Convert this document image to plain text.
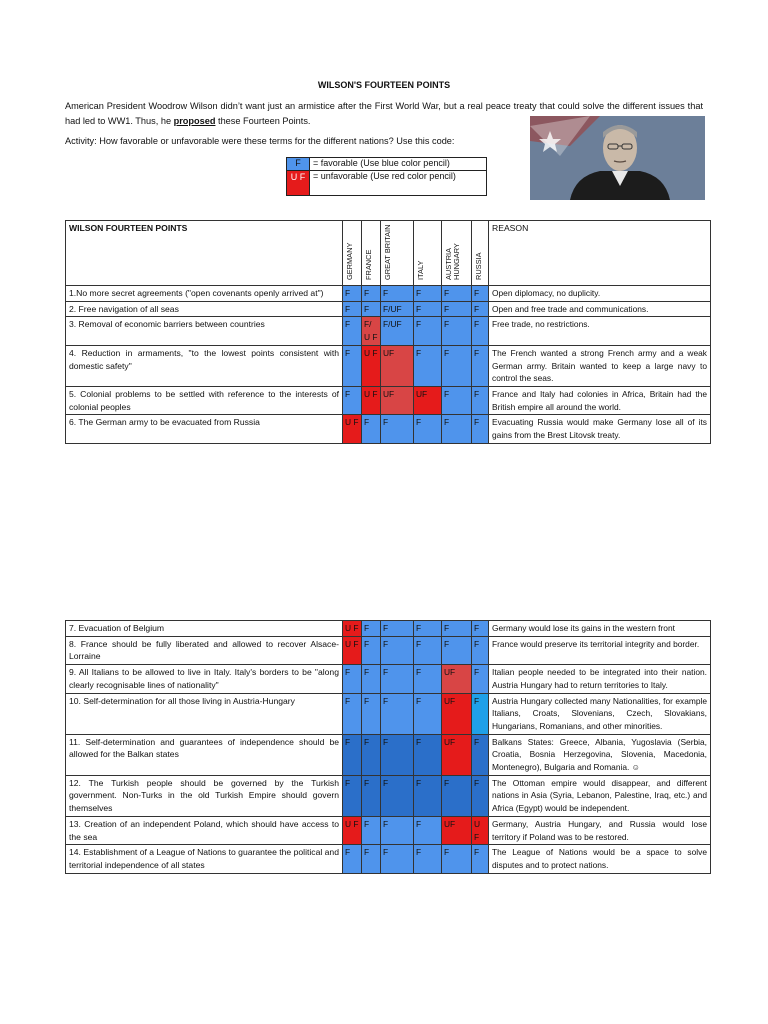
WILSON'S FOURTEEN POINTS
American President Woodrow Wilson didn’t want just an armistice after the First World War, but a real peace treaty that could solve the different issues that had led to WW1. Thus, he proposed these Fourteen Points.
Activity: How favorable or unfavorable were these terms for the different nations? Use this code:
F	= favorable (Use blue color pencil)
U F	= unfavorable (Use red color pencil)
WILSON FOURTEEN POINTS	GERMANY	FRANCE	GREAT BRITAIN	ITALY	AUSTRIA HUNGARY	RUSSIA	REASON
1.No more secret agreements ("open covenants openly arrived at")	F	F	F	F	F	F	Open diplomacy, no duplicity.
2. Free navigation of all seas	F	F	F/UF	F	F	F	Open and free trade and communications.
3. Removal of economic barriers between countries	F	F/ U F	F/UF	F	F	F	Free trade, no restrictions.
4. Reduction in armaments, "to the lowest points consistent with domestic safety"	F	U F	UF	F	F	F	The French wanted a strong French army and a weak German army. Britain wanted to keep a large navy to control the seas.
5. Colonial problems to be settled with reference to the interests of colonial peoples	F	U F	UF	UF	F	F	France and Italy had colonies in Africa, Britain had the British empire all around the world.
6. The German army to be evacuated from Russia	U F	F	F	F	F	F	Evacuating Russia would make Germany lose all of its gains from the Brest Litovsk treaty.
7. Evacuation of Belgium	U F	F	F	F	F	F	Germany would lose its gains in the western front
8. France should be fully liberated and allowed to recover Alsace-Lorraine	U F	F	F	F	F	F	France would preserve its territorial integrity and border.
9. All Italians to be allowed to live in Italy. Italy's borders to be "along clearly recognisable lines of nationality"	F	F	F	F	UF	F	Italian people needed to be integrated into their nation. Austria Hungary had to return territories to Italy.
10. Self-determination for all those living in Austria-Hungary	F	F	F	F	UF	F	Austria Hungary collected many Nationalities, for example Italians, Croats, Slovenians, Czech, Slovakians, Hungarians, Romanians, and other minorities.
11. Self-determination and guarantees of independence should be allowed for the Balkan states	F	F	F	F	UF	F	Balkans States: Greece, Albania, Yugoslavia (Serbia, Croatia, Bosnia Herzegovina, Slovenia, Macedonia, Montenegro), Bulgaria and Romania. ☺
12. The Turkish people should be governed by the Turkish government. Non-Turks in the old Turkish Empire should govern themselves	F	F	F	F	F	F	The Ottoman empire would disappear, and different nations in Asia (Syria, Lebanon, Palestine, Iraq, etc.) and Africa (Egypt) would be independent.
13. Creation of an independent Poland, which should have access to the sea	U F	F	F	F	UF	U F	Germany, Austria Hungary, and Russia would lose territory if Poland was to be restored.
14. Establishment of a League of Nations to guarantee the political and territorial independence of all states	F	F	F	F	F	F	The League of Nations would be a space to solve disputes and to protect nations.
